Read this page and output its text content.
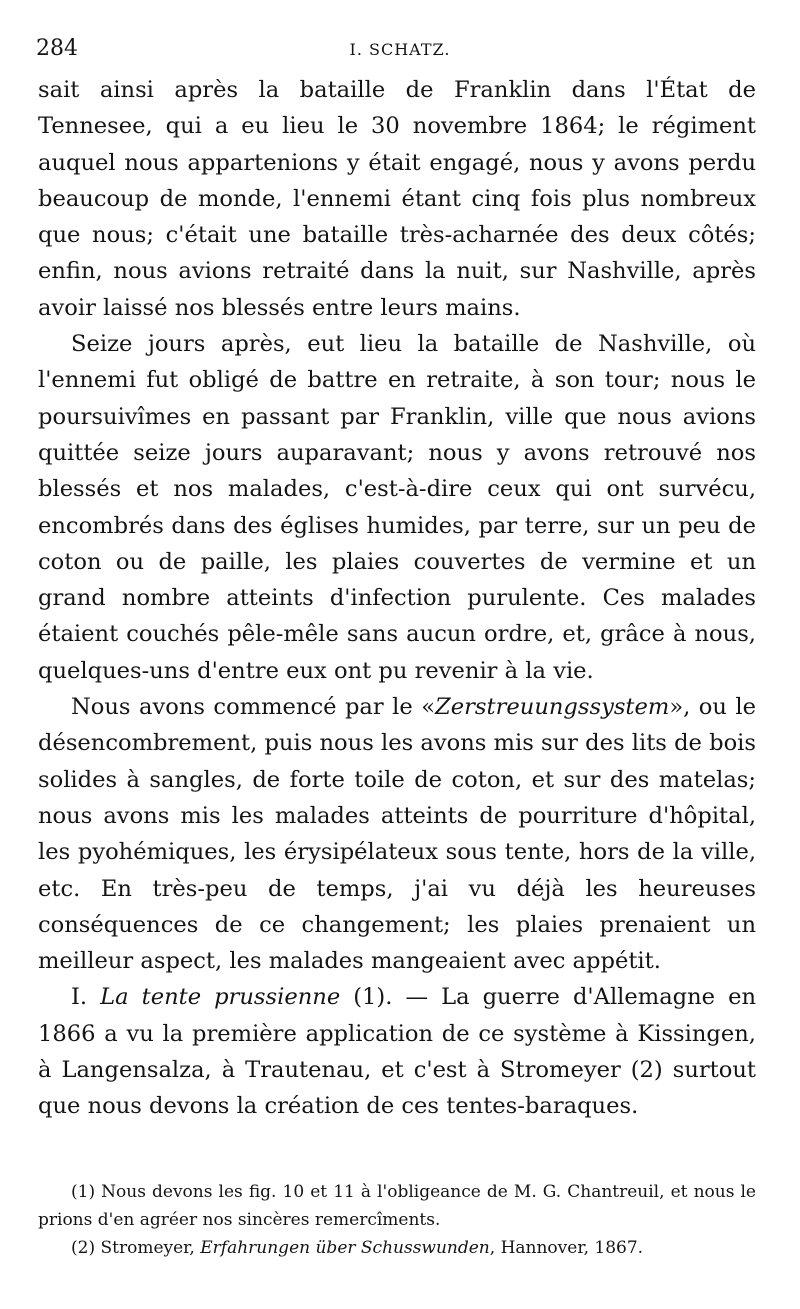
284	I. SCHATZ.

sait ainsi après la bataille de Franklin dans l'État de Tennesee, qui a eu lieu le 30 novembre 1864; le régiment auquel nous appartenions y était engagé, nous y avons perdu beaucoup de monde, l'ennemi étant cinq fois plus nombreux que nous; c'était une bataille très-acharnée des deux côtés; enfin, nous avions retraité dans la nuit, sur Nashville, après avoir laissé nos blessés entre leurs mains.

Seize jours après, eut lieu la bataille de Nashville, où l'ennemi fut obligé de battre en retraite, à son tour; nous le poursuivîmes en passant par Franklin, ville que nous avions quittée seize jours auparavant; nous y avons retrouvé nos blessés et nos malades, c'est-à-dire ceux qui ont survécu, encombrés dans des églises humides, par terre, sur un peu de coton ou de paille, les plaies couvertes de vermine et un grand nombre atteints d'infection purulente. Ces malades étaient couchés pêle-mêle sans aucun ordre, et, grâce à nous, quelques-uns d'entre eux ont pu revenir à la vie.

Nous avons commencé par le «Zerstreuungssystem», ou le désencombrement, puis nous les avons mis sur des lits de bois solides à sangles, de forte toile de coton, et sur des matelas; nous avons mis les malades atteints de pourriture d'hôpital, les pyohémiques, les érysipélateux sous tente, hors de la ville, etc. En très-peu de temps, j'ai vu déjà les heureuses conséquences de ce changement; les plaies prenaient un meilleur aspect, les malades mangeaient avec appétit.

I. La tente prussienne (1). — La guerre d'Allemagne en 1866 a vu la première application de ce système à Kissingen, à Langensalza, à Trautenau, et c'est à Stromeyer (2) surtout que nous devons la création de ces tentes-baraques.

(1) Nous devons les fig. 10 et 11 à l'obligeance de M. G. Chantreuil, et nous le prions d'en agréer nos sincères remercîments.

(2) Stromeyer, Erfahrungen über Schusswunden, Hannover, 1867.
